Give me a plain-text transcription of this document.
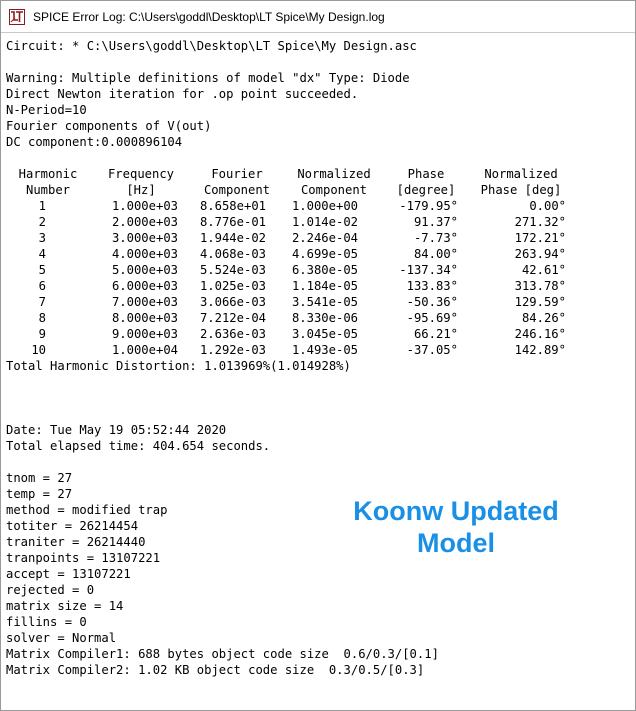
SPICE Error Log: C:\Users\goddl\Desktop\LT Spice\My Design.log
Circuit: * C:\Users\goddl\Desktop\LT Spice\My Design.asc
Warning: Multiple definitions of model "dx" Type: Diode
Direct Newton iteration for .op point succeeded.
N-Period=10
Fourier components of V(out)
DC component:0.000896104
Harmonic	Frequency	Fourier	Normalized	Phase	Normalized
Number	[Hz]	Component	Component	[degree]	Phase [deg]
1	1.000e+03	8.658e+01	1.000e+00	-179.95°	0.00°
2	2.000e+03	8.776e-01	1.014e-02	91.37°	271.32°
3	3.000e+03	1.944e-02	2.246e-04	-7.73°	172.21°
4	4.000e+03	4.068e-03	4.699e-05	84.00°	263.94°
5	5.000e+03	5.524e-03	6.380e-05	-137.34°	42.61°
6	6.000e+03	1.025e-03	1.184e-05	133.83°	313.78°
7	7.000e+03	3.066e-03	3.541e-05	-50.36°	129.59°
8	8.000e+03	7.212e-04	8.330e-06	-95.69°	84.26°
9	9.000e+03	2.636e-03	3.045e-05	66.21°	246.16°
10	1.000e+04	1.292e-03	1.493e-05	-37.05°	142.89°
Total Harmonic Distortion: 1.013969%(1.014928%)
Date: Tue May 19 05:52:44 2020
Total elapsed time: 404.654 seconds.
tnom = 27
temp = 27
method = modified trap
totiter = 26214454
traniter = 26214440
tranpoints = 13107221
accept = 13107221
rejected = 0
matrix size = 14
fillins = 0
solver = Normal
Matrix Compiler1: 688 bytes object code size  0.6/0.3/[0.1]
Matrix Compiler2: 1.02 KB object code size  0.3/0.5/[0.3]
Koonw Updated
Model
